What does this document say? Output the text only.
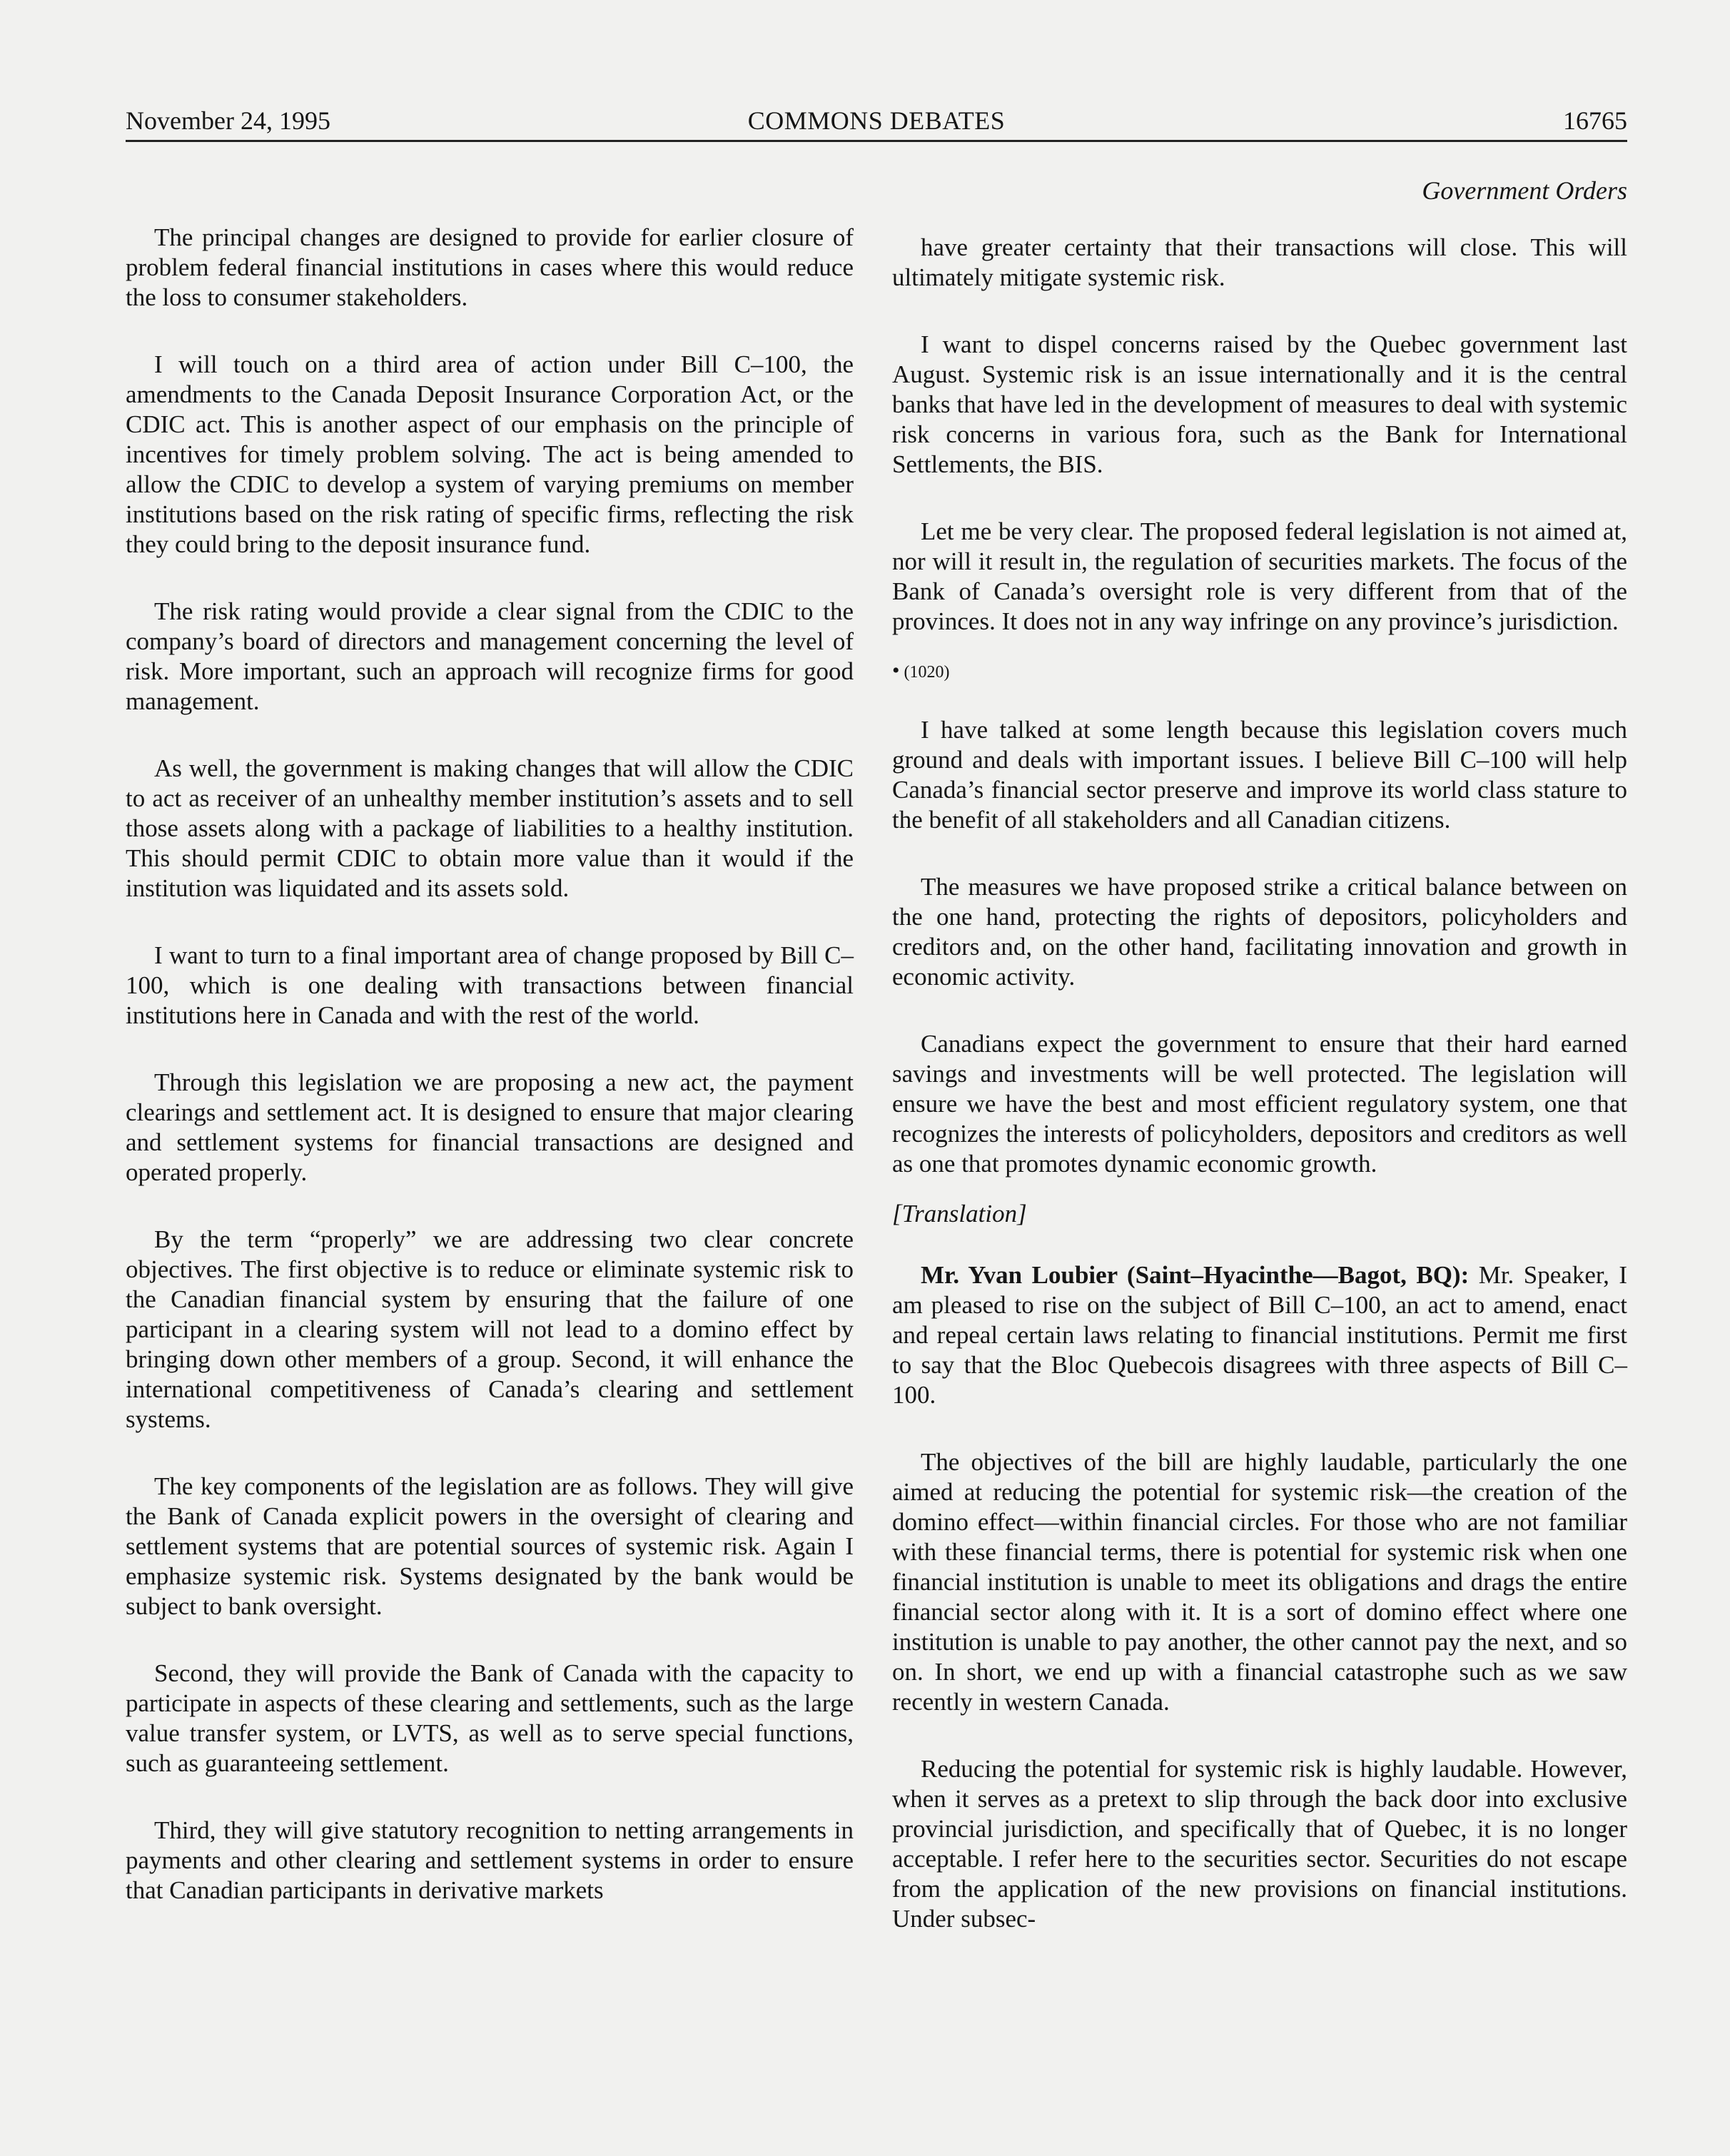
November 24, 1995	COMMONS DEBATES	16765
Government Orders

The principal changes are designed to provide for earlier closure of problem federal financial institutions in cases where this would reduce the loss to consumer stakeholders.

I will touch on a third area of action under Bill C–100, the amendments to the Canada Deposit Insurance Corporation Act, or the CDIC act. This is another aspect of our emphasis on the principle of incentives for timely problem solving. The act is being amended to allow the CDIC to develop a system of varying premiums on member institutions based on the risk rating of specific firms, reflecting the risk they could bring to the deposit insurance fund.

The risk rating would provide a clear signal from the CDIC to the company’s board of directors and management concerning the level of risk. More important, such an approach will recognize firms for good management.

As well, the government is making changes that will allow the CDIC to act as receiver of an unhealthy member institution’s assets and to sell those assets along with a package of liabilities to a healthy institution. This should permit CDIC to obtain more value than it would if the institution was liquidated and its assets sold.

I want to turn to a final important area of change proposed by Bill C–100, which is one dealing with transactions between financial institutions here in Canada and with the rest of the world.

Through this legislation we are proposing a new act, the payment clearings and settlement act. It is designed to ensure that major clearing and settlement systems for financial transactions are designed and operated properly.

By the term “properly” we are addressing two clear concrete objectives. The first objective is to reduce or eliminate systemic risk to the Canadian financial system by ensuring that the failure of one participant in a clearing system will not lead to a domino effect by bringing down other members of a group. Second, it will enhance the international competitiveness of Canada’s clearing and settlement systems.

The key components of the legislation are as follows. They will give the Bank of Canada explicit powers in the oversight of clearing and settlement systems that are potential sources of systemic risk. Again I emphasize systemic risk. Systems designated by the bank would be subject to bank oversight.

Second, they will provide the Bank of Canada with the capacity to participate in aspects of these clearing and settlements, such as the large value transfer system, or LVTS, as well as to serve special functions, such as guaranteeing settlement.

Third, they will give statutory recognition to netting arrangements in payments and other clearing and settlement systems in order to ensure that Canadian participants in derivative markets

have greater certainty that their transactions will close. This will ultimately mitigate systemic risk.

I want to dispel concerns raised by the Quebec government last August. Systemic risk is an issue internationally and it is the central banks that have led in the development of measures to deal with systemic risk concerns in various fora, such as the Bank for International Settlements, the BIS.

Let me be very clear. The proposed federal legislation is not aimed at, nor will it result in, the regulation of securities markets. The focus of the Bank of Canada’s oversight role is very different from that of the provinces. It does not in any way infringe on any province’s jurisdiction.

• (1020)

I have talked at some length because this legislation covers much ground and deals with important issues. I believe Bill C–100 will help Canada’s financial sector preserve and improve its world class stature to the benefit of all stakeholders and all Canadian citizens.

The measures we have proposed strike a critical balance between on the one hand, protecting the rights of depositors, policyholders and creditors and, on the other hand, facilitating innovation and growth in economic activity.

Canadians expect the government to ensure that their hard earned savings and investments will be well protected. The legislation will ensure we have the best and most efficient regulatory system, one that recognizes the interests of policyholders, depositors and creditors as well as one that promotes dynamic economic growth.

[Translation]

Mr. Yvan Loubier (Saint–Hyacinthe—Bagot, BQ): Mr. Speaker, I am pleased to rise on the subject of Bill C–100, an act to amend, enact and repeal certain laws relating to financial institutions. Permit me first to say that the Bloc Quebecois disagrees with three aspects of Bill C–100.

The objectives of the bill are highly laudable, particularly the one aimed at reducing the potential for systemic risk—the creation of the domino effect—within financial circles. For those who are not familiar with these financial terms, there is potential for systemic risk when one financial institution is unable to meet its obligations and drags the entire financial sector along with it. It is a sort of domino effect where one institution is unable to pay another, the other cannot pay the next, and so on. In short, we end up with a financial catastrophe such as we saw recently in western Canada.

Reducing the potential for systemic risk is highly laudable. However, when it serves as a pretext to slip through the back door into exclusive provincial jurisdiction, and specifically that of Quebec, it is no longer acceptable. I refer here to the securities sector. Securities do not escape from the application of the new provisions on financial institutions. Under subsec-
